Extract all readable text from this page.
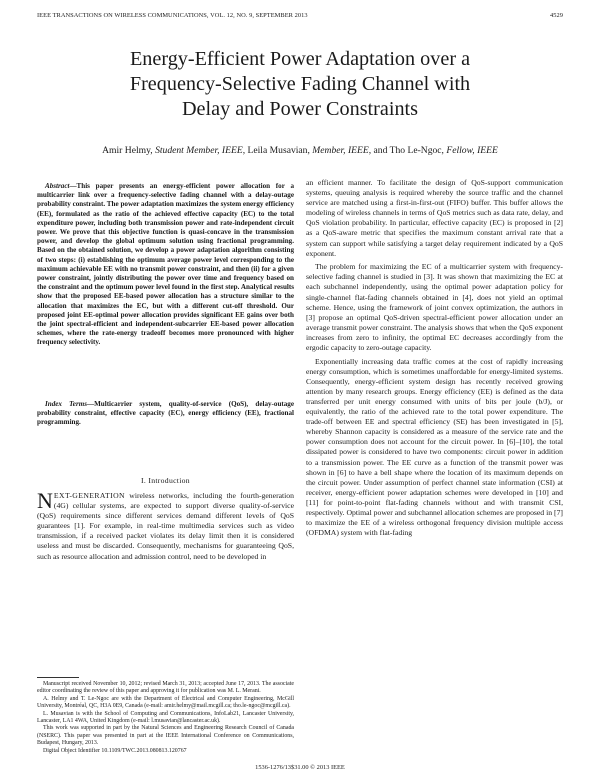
IEEE TRANSACTIONS ON WIRELESS COMMUNICATIONS, VOL. 12, NO. 9, SEPTEMBER 2013	4529
Energy-Efficient Power Adaptation over a
Frequency-Selective Fading Channel with
Delay and Power Constraints
Amir Helmy, Student Member, IEEE, Leila Musavian, Member, IEEE, and Tho Le-Ngoc, Fellow, IEEE
Abstract—This paper presents an energy-efficient power allocation for a multicarrier link over a frequency-selective fading channel with a delay-outage probability constraint. The power adaptation maximizes the system energy efficiency (EE), formulated as the ratio of the achieved effective capacity (EC) to the total expenditure power, including both transmission power and rate-independent circuit power. We prove that this objective function is quasi-concave in the transmission power, and develop the global optimum solution using fractional programming. Based on the obtained solution, we develop a power adaptation algorithm consisting of two steps: (i) establishing the optimum average power level corresponding to the maximum achievable EE with no transmit power constraint, and then (ii) for a given power constraint, jointly distributing the power over time and frequency based on the constraint and the optimum power level found in the first step. Analytical results show that the proposed EE-based power allocation has a structure similar to the allocation that maximizes the EC, but with a different cut-off threshold. Our proposed joint EE-optimal power allocation provides significant EE gains over both the joint spectral-efficient and independent-subcarrier EE-based power allocation schemes, where the rate-energy tradeoff becomes more pronounced with higher frequency selectivity.
Index Terms—Multicarrier system, quality-of-service (QoS), delay-outage probability constraint, effective capacity (EC), energy efficiency (EE), fractional programming.
I. Introduction
NEXT-GENERATION wireless networks, including the fourth-generation (4G) cellular systems, are expected to support diverse quality-of-service (QoS) requirements since different services demand different levels of QoS guarantees [1]. For example, in real-time multimedia services such as video transmission, if a received packet violates its delay limit then it is considered useless and must be discarded. Consequently, mechanisms for guaranteeing QoS, such as resource allocation and admission control, need to be developed in

Manuscript received November 10, 2012; revised March 31, 2013; accepted June 17, 2013. The associate editor coordinating the review of this paper and approving it for publication was M. L. Merani.

A. Helmy and T. Le-Ngoc are with the Department of Electrical and Computer Engineering, McGill University, Montréal, QC, H3A 0E9, Canada (e-mail: amir.helmy@mail.mcgill.ca; tho.le-ngoc@mcgill.ca).

L. Musavian is with the School of Computing and Communications, InfoLab21, Lancaster University, Lancaster, LA1 4WA, United Kingdom (e-mail: l.musavian@lancaster.ac.uk).

This work was supported in part by the Natural Sciences and Engineering Research Council of Canada (NSERC). This paper was presented in part at the IEEE International Conference on Communications, Budapest, Hungary, 2013.

Digital Object Identifier 10.1109/TWC.2013.080813.120767

an efficient manner. To facilitate the design of QoS-support communication systems, queuing analysis is required whereby the source traffic and the channel service are matched using a first-in-first-out (FIFO) buffer. This buffer allows the modeling of wireless channels in terms of QoS metrics such as data rate, delay, and QoS violation probability. In particular, effective capacity (EC) is proposed in [2] as a QoS-aware metric that specifies the maximum constant arrival rate that a system can support while satisfying a target delay requirement indicated by a QoS exponent.

The problem for maximizing the EC of a multicarrier system with frequency-selective fading channel is studied in [3]. It was shown that maximizing the EC at each subchannel independently, using the optimal power adaptation policy for single-channel flat-fading channels obtained in [4], does not yield an optimal scheme. Hence, using the framework of joint convex optimization, the authors in [3] propose an optimal QoS-driven spectral-efficient power allocation under an average transmit power constraint. The analysis shows that when the QoS exponent increases from zero to infinity, the optimal EC decreases accordingly from the ergodic capacity to zero-outage capacity.

Exponentially increasing data traffic comes at the cost of rapidly increasing energy consumption, which is sometimes unaffordable for energy-limited systems. Consequently, energy-efficient system design has recently received growing attention by many research groups. Energy efficiency (EE) is defined as the data transferred per unit energy consumed with units of bits per joule (b/J), or equivalently, the ratio of the achieved rate to the total power expenditure. The trade-off between EE and spectral efficiency (SE) has been investigated in [5], whereby Shannon capacity is considered as a measure of the service rate and the power consumption does not account for the circuit power. In [6]–[10], the total dissipated power is considered to have two components: circuit power in addition to a transmission power. The EE curve as a function of the transmit power was shown in [6] to have a bell shape where the location of its maximum depends on the circuit power. Under assumption of perfect channel state information (CSI) at receiver, energy-efficient power adaptation schemes were developed in [10] and [11] for point-to-point flat-fading channels without and with transmit CSI, respectively. Optimal power and subchannel allocation schemes are proposed in [7] to maximize the EE of a wireless orthogonal frequency division multiple access (OFDMA) system with flat-fading

1536-1276/13$31.00 © 2013 IEEE
